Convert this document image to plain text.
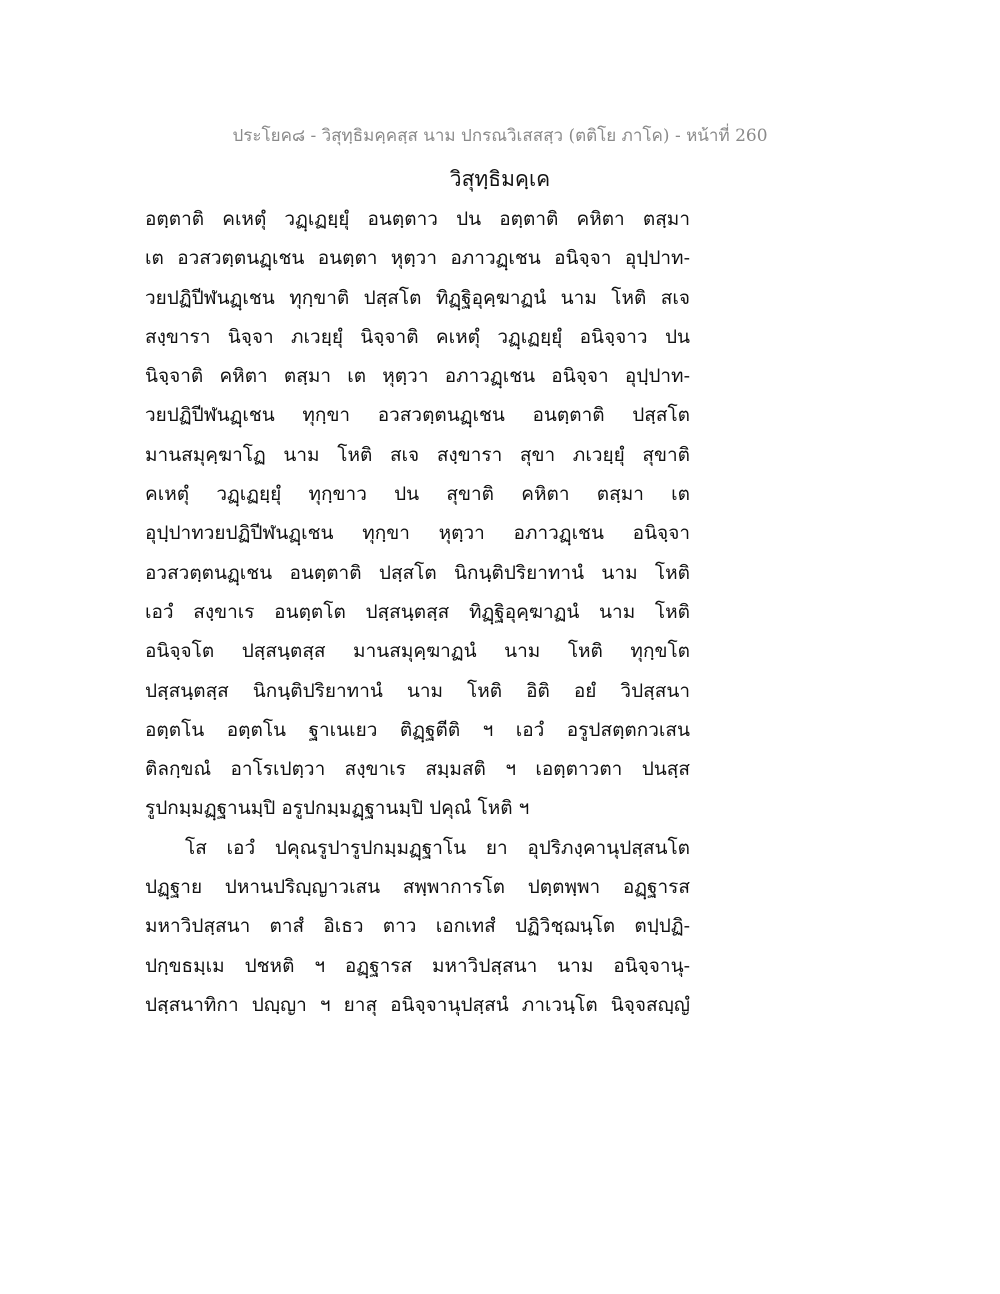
ประโยค๘ - วิสุทฺธิมคฺคสฺส นาม ปกรณวิเสสสฺว (ตติโย ภาโค) - หน้าที่ 260
วิสุทฺธิมคฺเค
อตฺตาติ คเหตุํ วฏฺเฏยฺยุํ อนตฺตาว ปน อตฺตาติ คหิตา ตสฺมา
เต อวสวตฺตนฏฺเชน อนตฺตา หุตฺวา อภาวฏฺเชน อนิจฺจา อุปฺปาท-
วยปฏิปีฬนฏฺเชน ทุกฺขาติ ปสฺสโต ทิฏฺฐิอุคฺฆาฏนํ นาม โหติ สเจ
สงฺขารา นิจฺจา ภเวยฺยุํ นิจฺจาติ คเหตุํ วฏฺเฏยฺยุํ อนิจฺจาว ปน
นิจฺจาติ คหิตา ตสฺมา เต หุตฺวา อภาวฏฺเชน อนิจฺจา อุปฺปาท-
วยปฏิปีฬนฏฺเชน ทุกฺขา อวสวตฺตนฏฺเชน อนตฺตาติ ปสฺสโต
มานสมุคฺฆาโฏ นาม โหติ สเจ สงฺขารา สุขา ภเวยฺยุํ สุขาติ
คเหตุํ วฏฺเฏยฺยุํ ทุกฺขาว ปน สุขาติ คหิตา ตสฺมา เต
อุปฺปาทวยปฏิปีฬนฏฺเชน ทุกฺขา หุตฺวา อภาวฏฺเชน อนิจฺจา
อวสวตฺตนฏฺเชน อนตฺตาติ ปสฺสโต นิกนฺติปริยาทานํ นาม โหติ
เอวํ สงฺขาเร อนตฺตโต ปสฺสนฺตสฺส ทิฏฺฐิอุคฺฆาฏนํ นาม โหติ
อนิจฺจโต ปสฺสนฺตสฺส มานสมุคฺฆาฏนํ นาม โหติ ทุกฺขโต
ปสฺสนฺตสฺส นิกนฺติปริยาทานํ นาม โหติ อิติ อยํ วิปสฺสนา
อตฺตโน อตฺตโน ฐาเนเยว ติฏฺฐตีติ ฯ เอวํ อรูปสตฺตกวเสน
ติลกฺขณํ อาโรเปตฺวา สงฺขาเร สมฺมสติ ฯ เอตฺตาวตา ปนสฺส
รูปกมฺมฏฺฐานมฺปิ อรูปกมฺมฏฺฐานมฺปิ ปคุณํ โหติ ฯ
โส เอวํ ปคุณรูปารูปกมฺมฏฺฐาโน ยา อุปริภงฺคานุปสฺสนโต
ปฏฺฐาย ปหานปริญฺญาวเสน สพฺพาการโต ปตฺตพฺพา อฏฺฐารส
มหาวิปสฺสนา ตาสํ อิเธว ตาว เอกเทสํ ปฏิวิชฺฌนฺโต ตปฺปฏิ-
ปกฺขธมฺเม ปชหติ ฯ อฏฺฐารส มหาวิปสฺสนา นาม อนิจฺจานุ-
ปสฺสนาทิกา ปญฺญา ฯ ยาสุ อนิจฺจานุปสฺสนํ ภาเวนฺโต นิจฺจสญฺญํ
